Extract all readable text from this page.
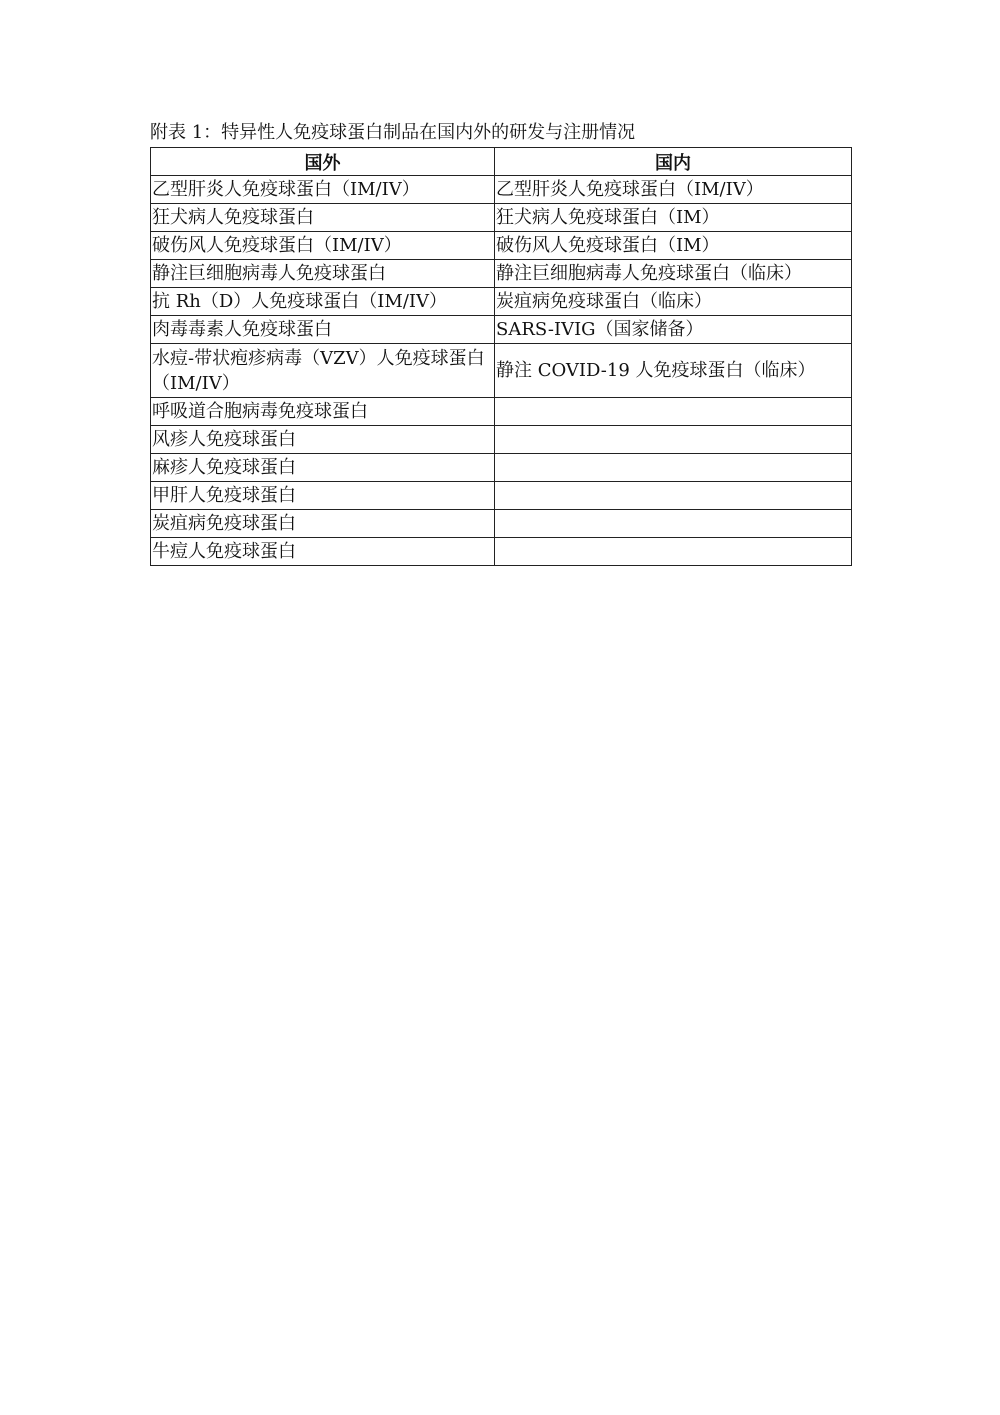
附表 1：特异性人免疫球蛋白制品在国内外的研发与注册情况
国外	国内
乙型肝炎人免疫球蛋白（IM/IV）	乙型肝炎人免疫球蛋白（IM/IV）
狂犬病人免疫球蛋白	狂犬病人免疫球蛋白（IM）
破伤风人免疫球蛋白（IM/IV）	破伤风人免疫球蛋白（IM）
静注巨细胞病毒人免疫球蛋白	静注巨细胞病毒人免疫球蛋白（临床）
抗 Rh（D）人免疫球蛋白（IM/IV）	炭疽病免疫球蛋白（临床）
肉毒毒素人免疫球蛋白	SARS-IVIG（国家储备）
水痘-带状疱疹病毒（VZV）人免疫球蛋白（IM/IV）	静注 COVID-19 人免疫球蛋白（临床）
呼吸道合胞病毒免疫球蛋白	
风疹人免疫球蛋白	
麻疹人免疫球蛋白	
甲肝人免疫球蛋白	
炭疽病免疫球蛋白	
牛痘人免疫球蛋白	
